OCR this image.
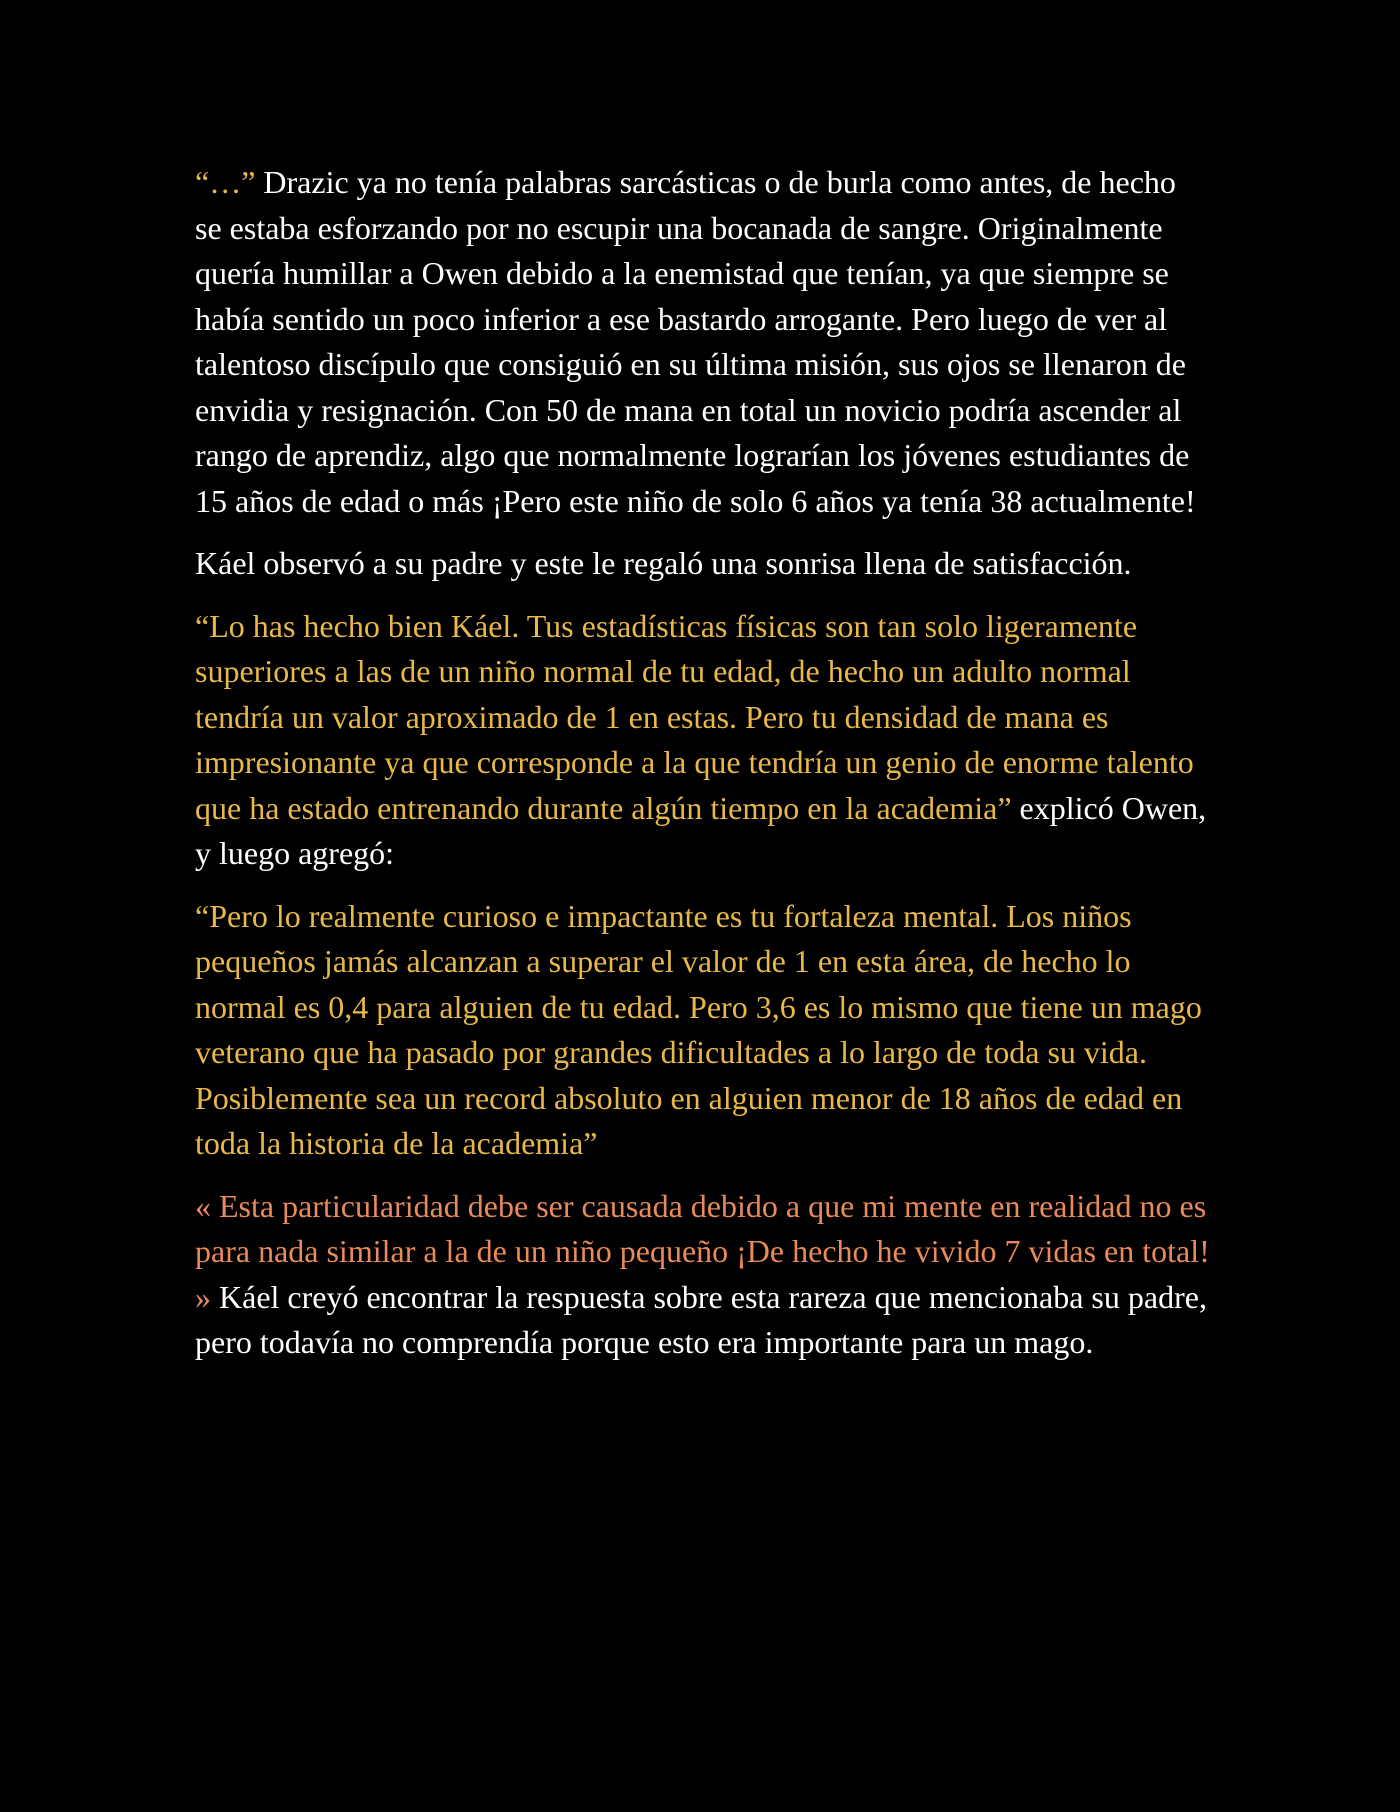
“…” Drazic ya no tenía palabras sarcásticas o de burla como antes, de hecho se estaba esforzando por no escupir una bocanada de sangre. Originalmente quería humillar a Owen debido a la enemistad que tenían, ya que siempre se había sentido un poco inferior a ese bastardo arrogante. Pero luego de ver al talentoso discípulo que consiguió en su última misión, sus ojos se llenaron de envidia y resignación. Con 50 de mana en total un novicio podría ascender al rango de aprendiz, algo que normalmente lograrían los jóvenes estudiantes de 15 años de edad o más ¡Pero este niño de solo 6 años ya tenía 38 actualmente!

Káel observó a su padre y este le regaló una sonrisa llena de satisfacción.

“Lo has hecho bien Káel. Tus estadísticas físicas son tan solo ligeramente superiores a las de un niño normal de tu edad, de hecho un adulto normal tendría un valor aproximado de 1 en estas. Pero tu densidad de mana es impresionante ya que corresponde a la que tendría un genio de enorme talento que ha estado entrenando durante algún tiempo en la academia” explicó Owen, y luego agregó:

“Pero lo realmente curioso e impactante es tu fortaleza mental. Los niños pequeños jamás alcanzan a superar el valor de 1 en esta área, de hecho lo normal es 0,4 para alguien de tu edad. Pero 3,6 es lo mismo que tiene un mago veterano que ha pasado por grandes dificultades a lo largo de toda su vida. Posiblemente sea un record absoluto en alguien menor de 18 años de edad en toda la historia de la academia”

« Esta particularidad debe ser causada debido a que mi mente en realidad no es para nada similar a la de un niño pequeño ¡De hecho he vivido 7 vidas en total! » Káel creyó encontrar la respuesta sobre esta rareza que mencionaba su padre, pero todavía no comprendía porque esto era importante para un mago.
